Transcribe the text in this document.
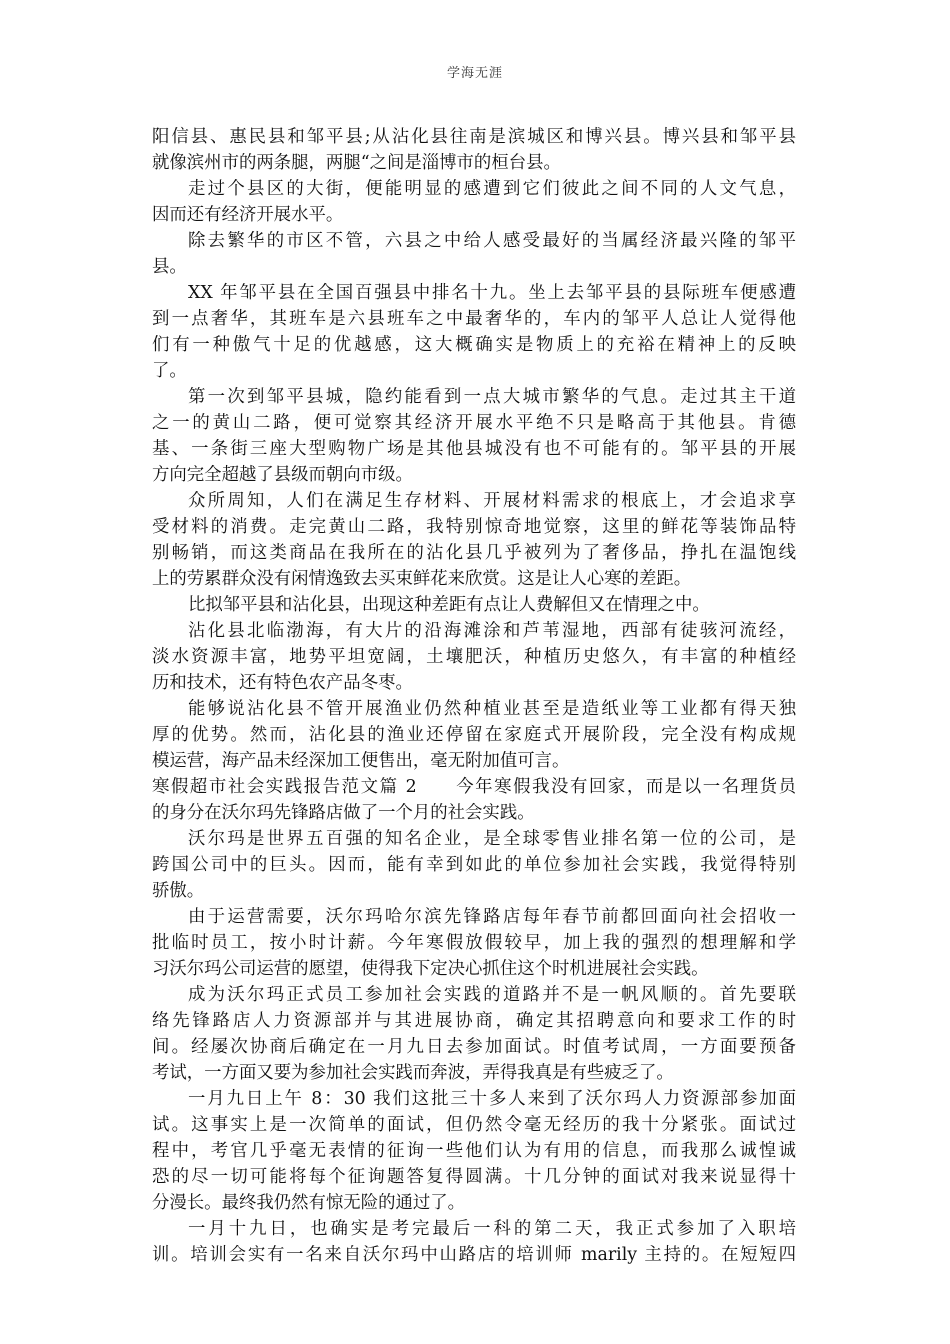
学海无涯
阳信县、惠民县和邹平县;从沾化县往南是滨城区和博兴县。博兴县和邹平县
就像滨州市的两条腿，两腿“之间是淄博市的桓台县。
走过个县区的大街，便能明显的感遭到它们彼此之间不同的人文气息，
因而还有经济开展水平。
除去繁华的市区不管，六县之中给人感受最好的当属经济最兴隆的邹平
县。
XX 年邹平县在全国百强县中排名十九。坐上去邹平县的县际班车便感遭
到一点奢华，其班车是六县班车之中最奢华的，车内的邹平人总让人觉得他
们有一种傲气十足的优越感，这大概确实是物质上的充裕在精神上的反映
了。
第一次到邹平县城，隐约能看到一点大城市繁华的气息。走过其主干道
之一的黄山二路，便可觉察其经济开展水平绝不只是略高于其他县。肯德
基、一条街三座大型购物广场是其他县城没有也不可能有的。邹平县的开展
方向完全超越了县级而朝向市级。
众所周知，人们在满足生存材料、开展材料需求的根底上，才会追求享
受材料的消费。走完黄山二路，我特别惊奇地觉察，这里的鲜花等装饰品特
别畅销，而这类商品在我所在的沾化县几乎被列为了奢侈品，挣扎在温饱线
上的劳累群众没有闲情逸致去买束鲜花来欣赏。这是让人心寒的差距。
比拟邹平县和沾化县，出现这种差距有点让人费解但又在情理之中。
沾化县北临渤海，有大片的沿海滩涂和芦苇湿地，西部有徒骇河流经，
淡水资源丰富，地势平坦宽阔，土壤肥沃，种植历史悠久，有丰富的种植经
历和技术，还有特色农产品冬枣。
能够说沾化县不管开展渔业仍然种植业甚至是造纸业等工业都有得天独
厚的优势。然而，沾化县的渔业还停留在家庭式开展阶段，完全没有构成规
模运营，海产品未经深加工便售出，毫无附加值可言。
寒假超市社会实践报告范文篇 2　　今年寒假我没有回家，而是以一名理货员
的身分在沃尔玛先锋路店做了一个月的社会实践。
沃尔玛是世界五百强的知名企业，是全球零售业排名第一位的公司，是
跨国公司中的巨头。因而，能有幸到如此的单位参加社会实践，我觉得特别
骄傲。
由于运营需要，沃尔玛哈尔滨先锋路店每年春节前都回面向社会招收一
批临时员工，按小时计薪。今年寒假放假较早，加上我的强烈的想理解和学
习沃尔玛公司运营的愿望，使得我下定决心抓住这个时机进展社会实践。
成为沃尔玛正式员工参加社会实践的道路并不是一帆风顺的。首先要联
络先锋路店人力资源部并与其进展协商，确定其招聘意向和要求工作的时
间。经屡次协商后确定在一月九日去参加面试。时值考试周，一方面要预备
考试，一方面又要为参加社会实践而奔波，弄得我真是有些疲乏了。
一月九日上午 8：30 我们这批三十多人来到了沃尔玛人力资源部参加面
试。这事实上是一次简单的面试，但仍然令毫无经历的我十分紧张。面试过
程中，考官几乎毫无表情的征询一些他们认为有用的信息，而我那么诚惶诚
恐的尽一切可能将每个征询题答复得圆满。十几分钟的面试对我来说显得十
分漫长。最终我仍然有惊无险的通过了。
一月十九日，也确实是考完最后一科的第二天，我正式参加了入职培
训。培训会实有一名来自沃尔玛中山路店的培训师 marily 主持的。在短短四
